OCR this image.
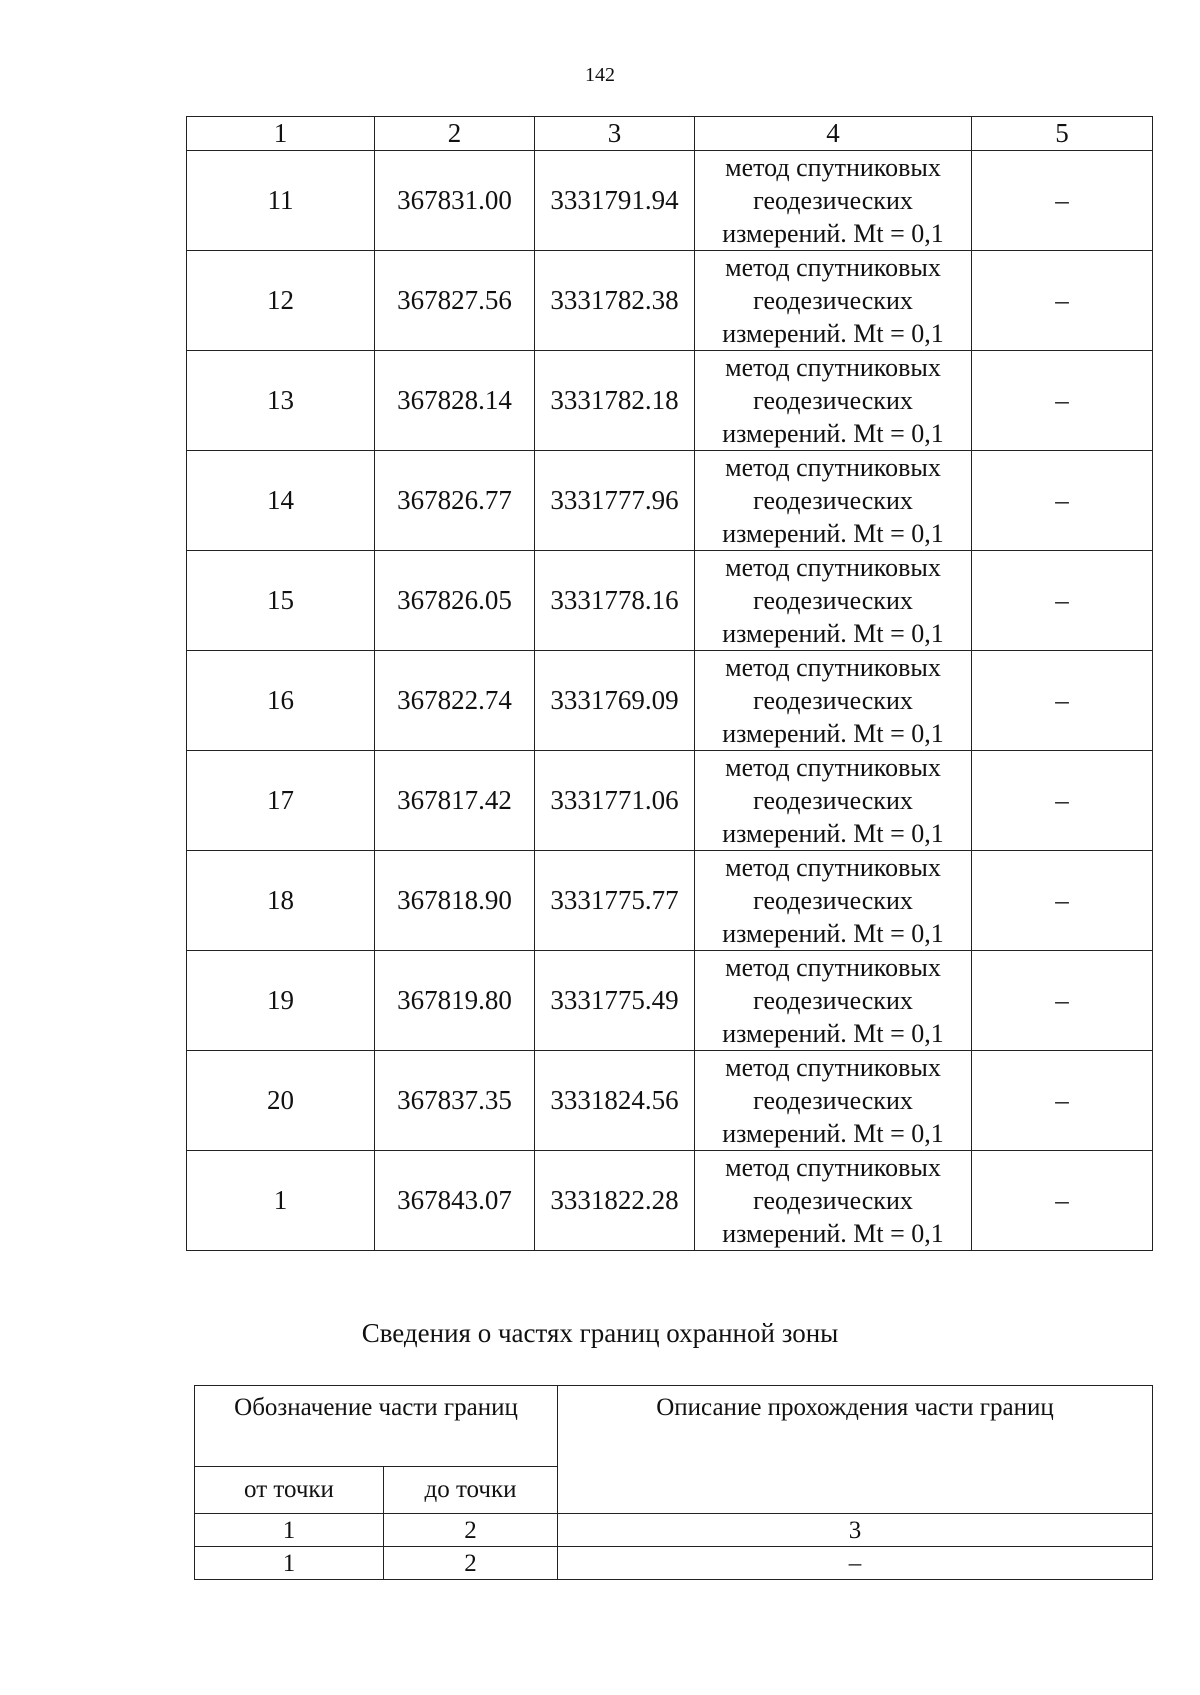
142
1	2	3	4	5
11	367831.00	3331791.94	метод спутниковых
геодезических
измерений. Mt = 0,1	–
12	367827.56	3331782.38	метод спутниковых
геодезических
измерений. Mt = 0,1	–
13	367828.14	3331782.18	метод спутниковых
геодезических
измерений. Mt = 0,1	–
14	367826.77	3331777.96	метод спутниковых
геодезических
измерений. Mt = 0,1	–
15	367826.05	3331778.16	метод спутниковых
геодезических
измерений. Mt = 0,1	–
16	367822.74	3331769.09	метод спутниковых
геодезических
измерений. Mt = 0,1	–
17	367817.42	3331771.06	метод спутниковых
геодезических
измерений. Mt = 0,1	–
18	367818.90	3331775.77	метод спутниковых
геодезических
измерений. Mt = 0,1	–
19	367819.80	3331775.49	метод спутниковых
геодезических
измерений. Mt = 0,1	–
20	367837.35	3331824.56	метод спутниковых
геодезических
измерений. Mt = 0,1	–
1	367843.07	3331822.28	метод спутниковых
геодезических
измерений. Mt = 0,1	–
Сведения о частях границ охранной зоны
Обозначение части границ		Описание прохождения части границ
от точки	до точки	
1	2	3
1	2	–
